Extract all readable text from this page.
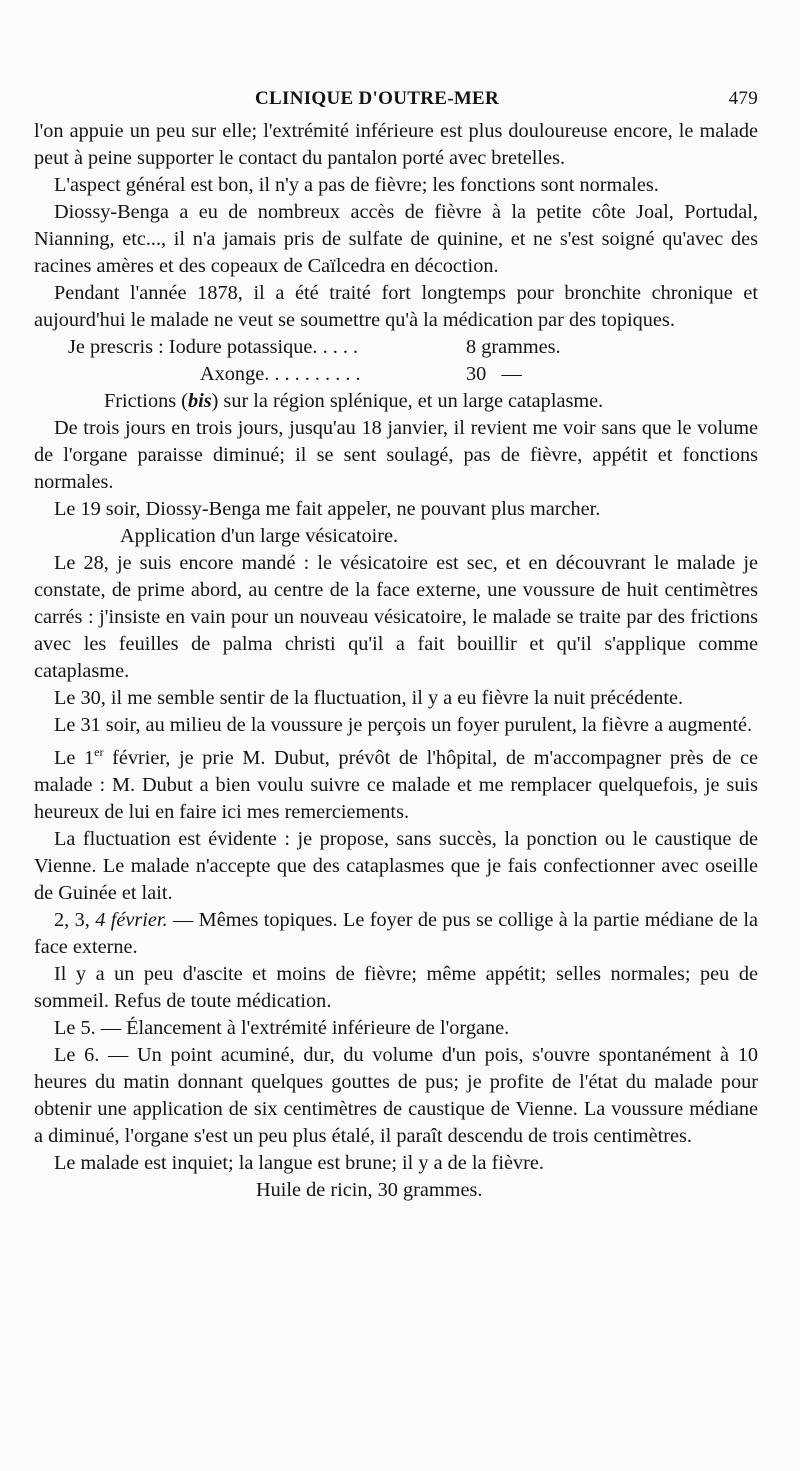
CLINIQUE D'OUTRE-MER	479

l'on appuie un peu sur elle; l'extrémité inférieure est plus douloureuse encore, le malade peut à peine supporter le contact du pantalon porté avec bretelles.

L'aspect général est bon, il n'y a pas de fièvre; les fonctions sont normales.

Diossy-Benga a eu de nombreux accès de fièvre à la petite côte Joal, Portudal, Nianning, etc..., il n'a jamais pris de sulfate de quinine, et ne s'est soigné qu'avec des racines amères et des copeaux de Caïlcedra en décoction.

Pendant l'année 1878, il a été traité fort longtemps pour bronchite chronique et aujourd'hui le malade ne veut se soumettre qu'à la médication par des topiques.

Je prescris : Iodure potassique. . . . .	8 grammes.
Axonge. . . . . . . . . .	30   —

Frictions (bis) sur la région splénique, et un large cataplasme.

De trois jours en trois jours, jusqu'au 18 janvier, il revient me voir sans que le volume de l'organe paraisse diminué; il se sent soulagé, pas de fièvre, appétit et fonctions normales.

Le 19 soir, Diossy-Benga me fait appeler, ne pouvant plus marcher.

Application d'un large vésicatoire.

Le 28, je suis encore mandé : le vésicatoire est sec, et en découvrant le malade je constate, de prime abord, au centre de la face externe, une voussure de huit centimètres carrés : j'insiste en vain pour un nouveau vésicatoire, le malade se traite par des frictions avec les feuilles de palma christi qu'il a fait bouillir et qu'il s'applique comme cataplasme.

Le 30, il me semble sentir de la fluctuation, il y a eu fièvre la nuit précédente.

Le 31 soir, au milieu de la voussure je perçois un foyer purulent, la fièvre a augmenté.

Le 1er février, je prie M. Dubut, prévôt de l'hôpital, de m'accompagner près de ce malade : M. Dubut a bien voulu suivre ce malade et me remplacer quelquefois, je suis heureux de lui en faire ici mes remerciements.

La fluctuation est évidente : je propose, sans succès, la ponction ou le caustique de Vienne. Le malade n'accepte que des cataplasmes que je fais confectionner avec oseille de Guinée et lait.

2, 3, 4 février. — Mêmes topiques. Le foyer de pus se collige à la partie médiane de la face externe.

Il y a un peu d'ascite et moins de fièvre; même appétit; selles normales; peu de sommeil. Refus de toute médication.

Le 5. — Élancement à l'extrémité inférieure de l'organe.

Le 6. — Un point acuminé, dur, du volume d'un pois, s'ouvre spontanément à 10 heures du matin donnant quelques gouttes de pus; je profite de l'état du malade pour obtenir une application de six centimètres de caustique de Vienne. La voussure médiane a diminué, l'organe s'est un peu plus étalé, il paraît descendu de trois centimètres.

Le malade est inquiet; la langue est brune; il y a de la fièvre.

Huile de ricin, 30 grammes.
